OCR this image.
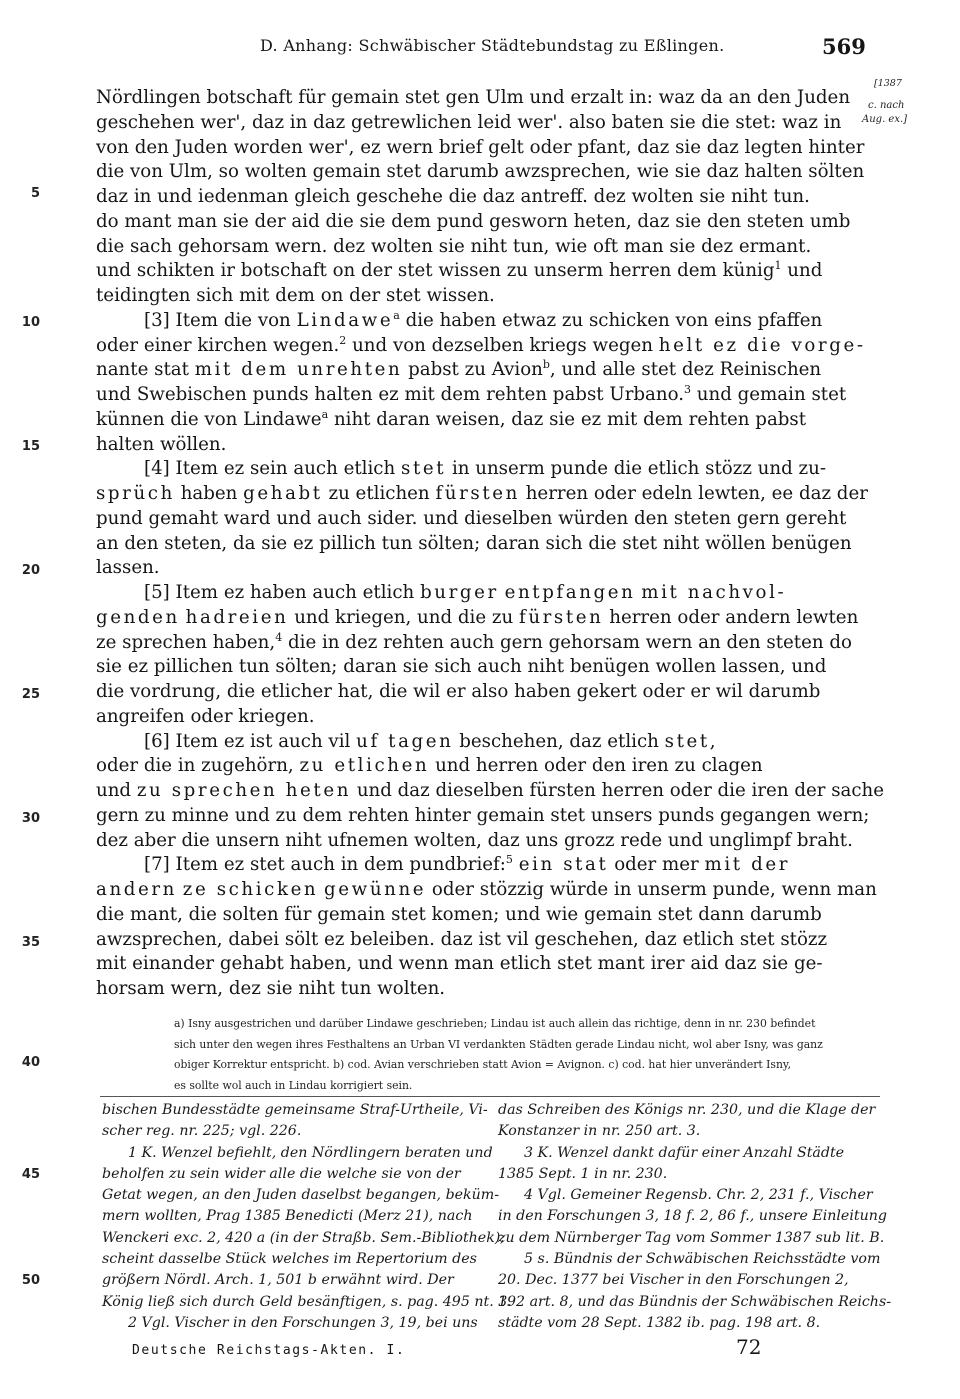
D. Anhang: Schwäbischer Städtebundstag zu Eßlingen.	569
[1387
c. nach
Aug. ex.]
5
10
15
20
25
30
35
40
45
50
Nördlingen botschaft für gemain stet gen Ulm und erzalt in: waz da an den Juden
geschehen wer', daz in daz getrewlichen leid wer'. also baten sie die stet: waz in
von den Juden worden wer', ez wern brief gelt oder pfant, daz sie daz legten hinter
die von Ulm, so wolten gemain stet darumb awzsprechen, wie sie daz halten sölten
daz in und iedenman gleich geschehe die daz antreff. dez wolten sie niht tun.
do mant man sie der aid die sie dem pund gesworn heten, daz sie den steten umb
die sach gehorsam wern. dez wolten sie niht tun, wie oft man sie dez ermant.
und schikten ir botschaft on der stet wissen zu unserm herren dem künig$^1$ und
teidingten sich mit dem on der stet wissen.
[3] Item die von Lindawe$^a$ die haben etwaz zu schicken von eins pfaffen
oder einer kirchen wegen.$^2$ und von dezselben kriegs wegen helt ez die vorge-
nante stat mit dem unrehten pabst zu Avion$^b$, und alle stet dez Reinischen
und Swebischen punds halten ez mit dem rehten pabst Urbano.$^3$ und gemain stet
künnen die von Lindawe$^a$ niht daran weisen, daz sie ez mit dem rehten pabst
halten wöllen.
[4] Item ez sein auch etlich stet in unserm punde die etlich stözz und zu-
sprüch haben gehabt zu etlichen fürsten herren oder edeln lewten, ee daz der
pund gemaht ward und auch sider. und dieselben würden den steten gern gereht
an den steten, da sie ez pillich tun sölten; daran sich die stet niht wöllen benügen
lassen.
[5] Item ez haben auch etlich burger entpfangen mit nachvol-
genden hadreien und kriegen, und die zu fürsten herren oder andern lewten
ze sprechen haben,$^4$ die in dez rehten auch gern gehorsam wern an den steten do
sie ez pillichen tun sölten; daran sie sich auch niht benügen wollen lassen, und
die vordrung, die etlicher hat, die wil er also haben gekert oder er wil darumb
angreifen oder kriegen.
[6] Item ez ist auch vil uf tagen beschehen, daz etlich stet,
oder die in zugehörn, zu etlichen und herren oder den iren zu clagen
und zu sprechen heten und daz dieselben fürsten herren oder die iren der sache
gern zu minne und zu dem rehten hinter gemain stet unsers punds gegangen wern;
dez aber die unsern niht ufnemen wolten, daz uns grozz rede und unglimpf braht.
[7] Item ez stet auch in dem pundbrief:$^5$ ein stat oder mer mit der
andern ze schicken gewünne oder stözzig würde in unserm punde, wenn man
die mant, die solten für gemain stet komen; und wie gemain stet dann darumb
awzsprechen, dabei sölt ez beleiben. daz ist vil geschehen, daz etlich stet stözz
mit einander gehabt haben, und wenn man etlich stet mant irer aid daz sie ge-
horsam wern, dez sie niht tun wolten.
a) Isny ausgestrichen und darüber Lindawe geschrieben; Lindau ist auch allein das richtige, denn in nr. 230 befindet
sich unter den wegen ihres Festhaltens an Urban VI verdankten Städten gerade Lindau nicht, wol aber Isny, was ganz
obiger Korrektur entspricht. b) cod. Avian verschrieben statt Avion = Avignon. c) cod. hat hier unverändert Isny,
es sollte wol auch in Lindau korrigiert sein.
bischen Bundesstädte gemeinsame Straf-Urtheile, Vi-
scher reg. nr. 225; vgl. 226.
1 K. Wenzel befiehlt, den Nördlingern beraten und
beholfen zu sein wider alle die welche sie von der
Getat wegen, an den Juden daselbst begangen, beküm-
mern wollten, Prag 1385 Benedicti (Merz 21), nach
Wenckeri exc. 2, 420 a (in der Straßb. Sem.-Bibliothek);
scheint dasselbe Stück welches im Repertorium des
größern Nördl. Arch. 1, 501 b erwähnt wird. Der
König ließ sich durch Geld besänftigen, s. pag. 495 nt. 3.
2 Vgl. Vischer in den Forschungen 3, 19, bei uns
das Schreiben des Königs nr. 230, und die Klage der
Konstanzer in nr. 250 art. 3.
3 K. Wenzel dankt dafür einer Anzahl Städte
1385 Sept. 1 in nr. 230.
4 Vgl. Gemeiner Regensb. Chr. 2, 231 f., Vischer
in den Forschungen 3, 18 f. 2, 86 f., unsere Einleitung
zu dem Nürnberger Tag vom Sommer 1387 sub lit. B.
5 s. Bündnis der Schwäbischen Reichsstädte vom
20. Dec. 1377 bei Vischer in den Forschungen 2,
192 art. 8, und das Bündnis der Schwäbischen Reichs-
städte vom 28 Sept. 1382 ib. pag. 198 art. 8.
Deutsche Reichstags-Akten. I.	72
